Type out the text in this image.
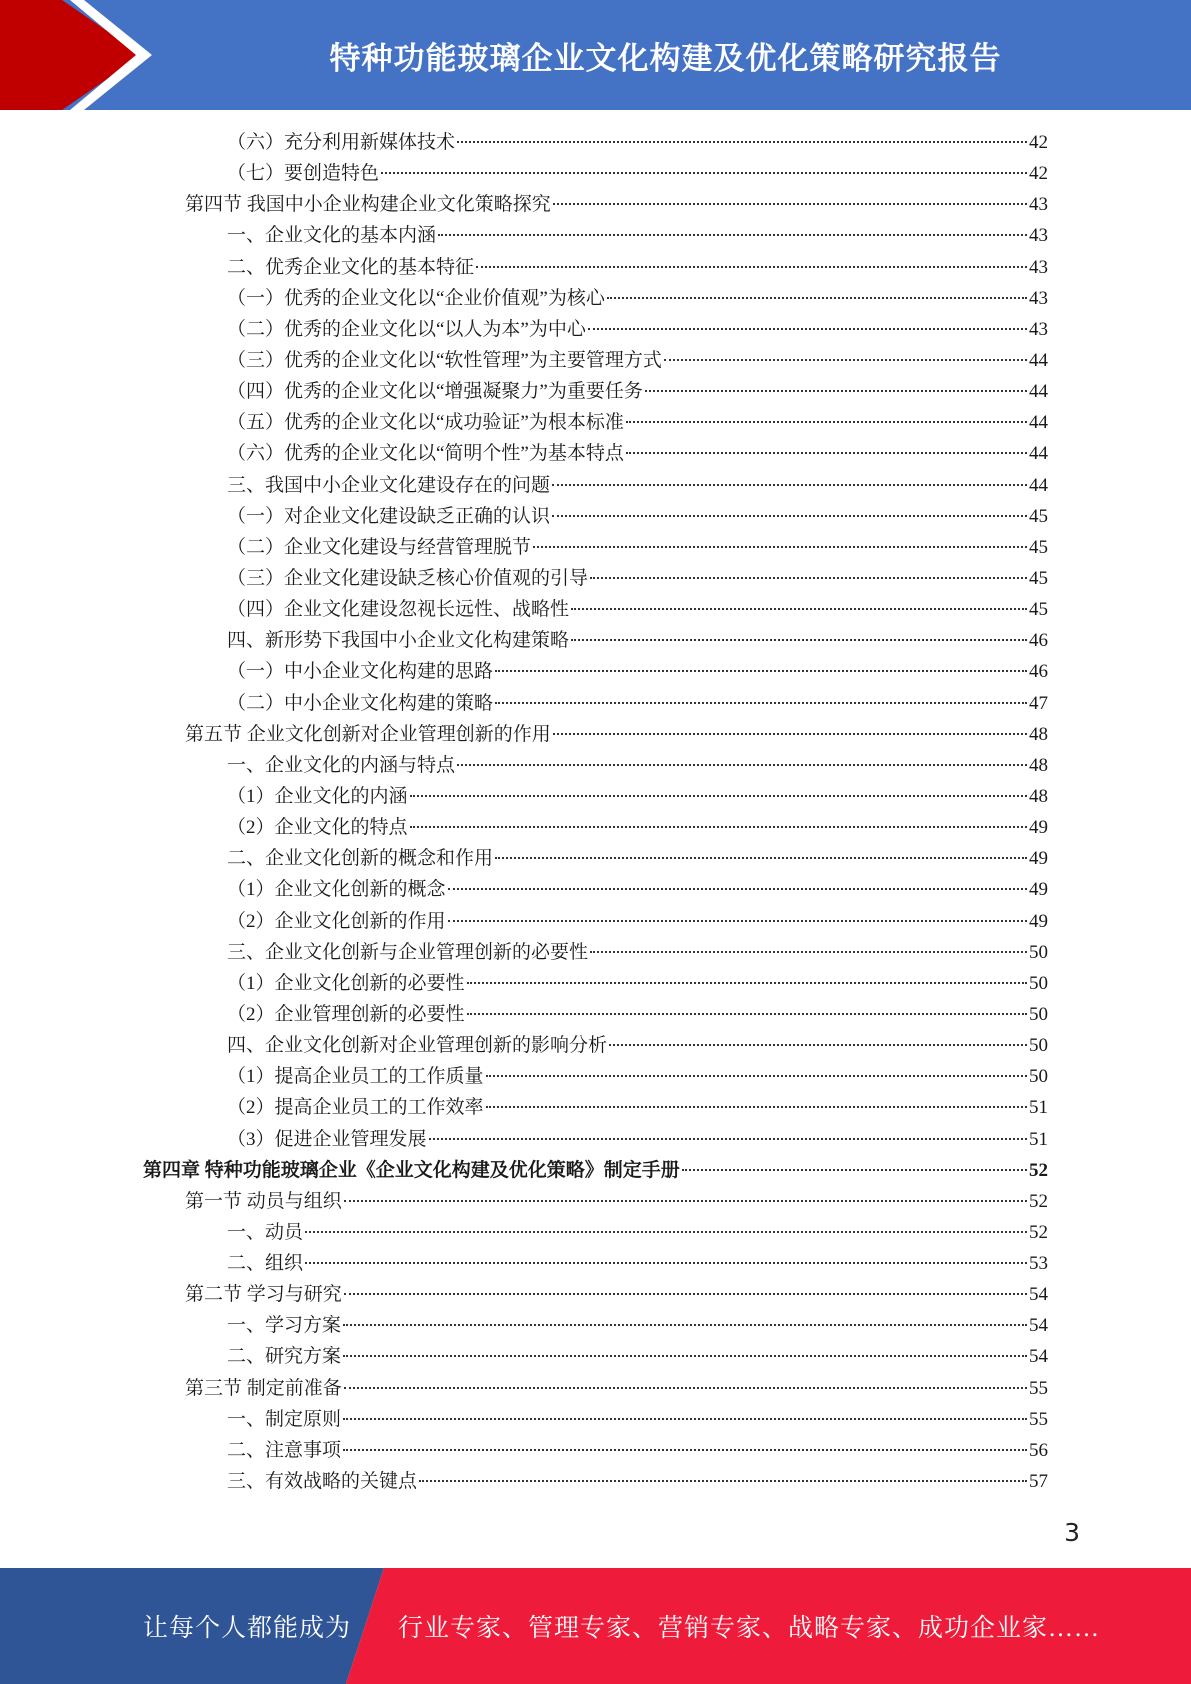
特种功能玻璃企业文化构建及优化策略研究报告
（六）充分利用新媒体技术	42
（七）要创造特色	42
第四节 我国中小企业构建企业文化策略探究	43
一、企业文化的基本内涵	43
二、优秀企业文化的基本特征	43
（一）优秀的企业文化以“企业价值观”为核心	43
（二）优秀的企业文化以“以人为本”为中心	43
（三）优秀的企业文化以“软性管理”为主要管理方式	44
（四）优秀的企业文化以“增强凝聚力”为重要任务	44
（五）优秀的企业文化以“成功验证”为根本标准	44
（六）优秀的企业文化以“简明个性”为基本特点	44
三、我国中小企业文化建设存在的问题	44
（一）对企业文化建设缺乏正确的认识	45
（二）企业文化建设与经营管理脱节	45
（三）企业文化建设缺乏核心价值观的引导	45
（四）企业文化建设忽视长远性、战略性	45
四、新形势下我国中小企业文化构建策略	46
（一）中小企业文化构建的思路	46
（二）中小企业文化构建的策略	47
第五节 企业文化创新对企业管理创新的作用	48
一、企业文化的内涵与特点	48
（1）企业文化的内涵	48
（2）企业文化的特点	49
二、企业文化创新的概念和作用	49
（1）企业文化创新的概念	49
（2）企业文化创新的作用	49
三、企业文化创新与企业管理创新的必要性	50
（1）企业文化创新的必要性	50
（2）企业管理创新的必要性	50
四、企业文化创新对企业管理创新的影响分析	50
（1）提高企业员工的工作质量	50
（2）提高企业员工的工作效率	51
（3）促进企业管理发展	51
第四章 特种功能玻璃企业《企业文化构建及优化策略》制定手册	52
第一节 动员与组织	52
一、动员	52
二、组织	53
第二节 学习与研究	54
一、学习方案	54
二、研究方案	54
第三节 制定前准备	55
一、制定原则	55
二、注意事项	56
三、有效战略的关键点	57
3
让每个人都能成为 行业专家、管理专家、营销专家、战略专家、成功企业家……
